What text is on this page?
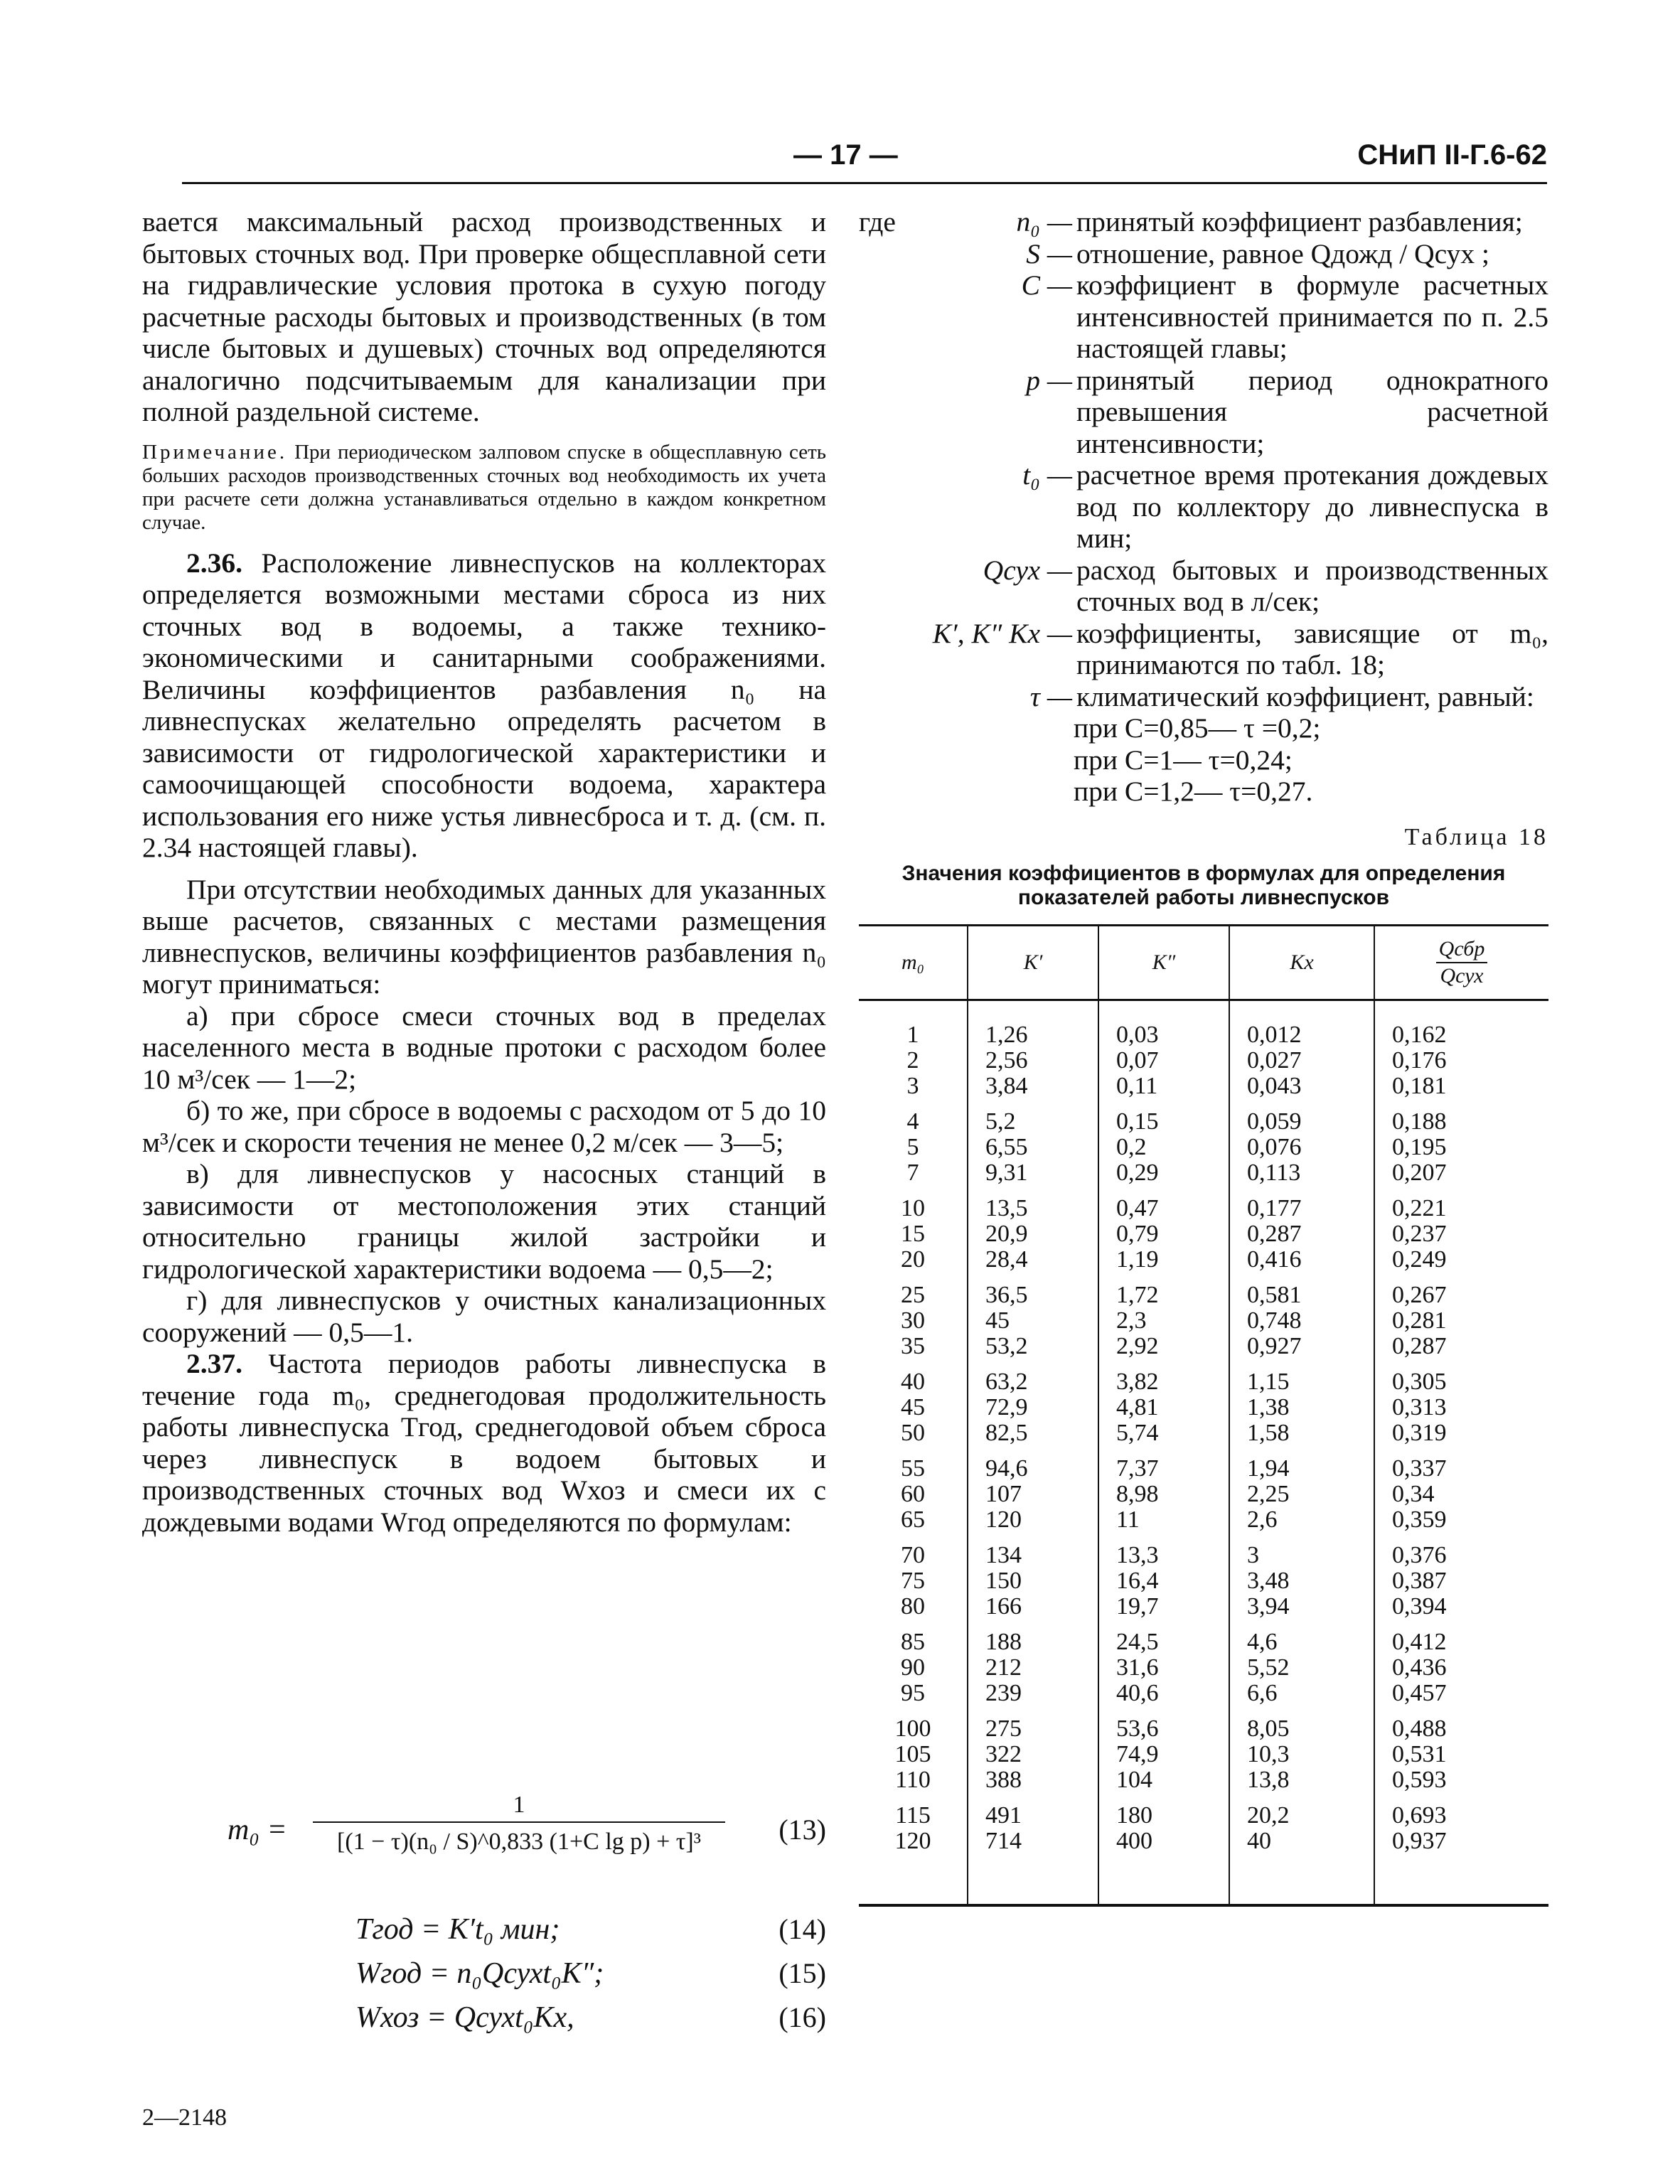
— 17 —	СНиП II-Г.6-62

вается максимальный расход производственных и бытовых сточных вод. При проверке общесплавной сети на гидравлические условия протока в сухую погоду расчетные расходы бытовых и производственных (в том числе бытовых и душевых) сточных вод определяются аналогично подсчитываемым для канализации при полной раздельной системе.

Примечание. При периодическом залповом спуске в общесплавную сеть больших расходов производственных сточных вод необходимость их учета при расчете сети должна устанавливаться отдельно в каждом конкретном случае.

2.36. Расположение ливнеспусков на коллекторах определяется возможными местами сброса из них сточных вод в водоемы, а также технико-экономическими и санитарными соображениями. Величины коэффициентов разбавления n₀ на ливнеспусках желательно определять расчетом в зависимости от гидрологической характеристики и самоочищающей способности водоема, характера использования его ниже устья ливнесброса и т. д. (см. п. 2.34 настоящей главы).

При отсутствии необходимых данных для указанных выше расчетов, связанных с местами размещения ливнеспусков, величины коэффициентов разбавления n₀ могут приниматься:

а) при сбросе смеси сточных вод в пределах населенного места в водные протоки с расходом более 10 м³/сек — 1—2;

б) то же, при сбросе в водоемы с расходом от 5 до 10 м³/сек и скорости течения не менее 0,2 м/сек — 3—5;

в) для ливнеспусков у насосных станций в зависимости от местоположения этих станций относительно границы жилой застройки и гидрологической характеристики водоема — 0,5—2;

г) для ливнеспусков у очистных канализационных сооружений — 0,5—1.

2.37. Частота периодов работы ливнеспуска в течение года m₀, среднегодовая продолжительность работы ливнеспуска Tгод, среднегодовой объем сброса через ливнеспуск в водоем бытовых и производственных сточных вод Wхоз и смеси их с дождевыми водами Wгод определяются по формулам:

$m_0 = \frac{1}{\text{[(1 − τ)(n₀ / S)\textasciicircum{}0,833 (1+C lg p) + τ]³}} (13)$
Tгод = K′t₀ мин;	(14)
Wгод = n₀Qсухt₀K″;	(15)
Wхоз = Qсухt₀Kх,	(16)
2—2148
где	n₀ — принятый коэффициент разбавления;
S — отношение, равное Qдожд / Qсух ;
C — коэффициент в формуле расчетных интенсивностей принимается по п. 2.5 настоящей главы;
p — принятый период однократного превышения расчетной интенсивности;
t₀ — расчетное время протекания дождевых вод по коллектору до ливнеспуска в мин;
Qсух — расход бытовых и производственных сточных вод в л/сек;
K′, K″ Kх — коэффициенты, зависящие от m₀, принимаются по табл. 18;
τ — климатический коэффициент, равный:
при C=0,85— τ =0,2;
при C=1— τ=0,24;
при C=1,2— τ=0,27.
Таблица 18
Значения коэффициентов в формулах для определения показателей работы ливнеспусков
m₀	K′	K″	Kх	$\frac{\text{Qсбр}}{\text{Qсух}}$

1	1,26	0,03	0,012	0,162
2	2,56	0,07	0,027	0,176
3	3,84	0,11	0,043	0,181
4	5,2	0,15	0,059	0,188
5	6,55	0,2	0,076	0,195
7	9,31	0,29	0,113	0,207
10	13,5	0,47	0,177	0,221
15	20,9	0,79	0,287	0,237
20	28,4	1,19	0,416	0,249
25	36,5	1,72	0,581	0,267
30	45	2,3	0,748	0,281
35	53,2	2,92	0,927	0,287
40	63,2	3,82	1,15	0,305
45	72,9	4,81	1,38	0,313
50	82,5	5,74	1,58	0,319
55	94,6	7,37	1,94	0,337
60	107	8,98	2,25	0,34
65	120	11	2,6	0,359
70	134	13,3	3	0,376
75	150	16,4	3,48	0,387
80	166	19,7	3,94	0,394
85	188	24,5	4,6	0,412
90	212	31,6	5,52	0,436
95	239	40,6	6,6	0,457
100	275	53,6	8,05	0,488
105	322	74,9	10,3	0,531
110	388	104	13,8	0,593
115	491	180	20,2	0,693
120	714	400	40	0,937
